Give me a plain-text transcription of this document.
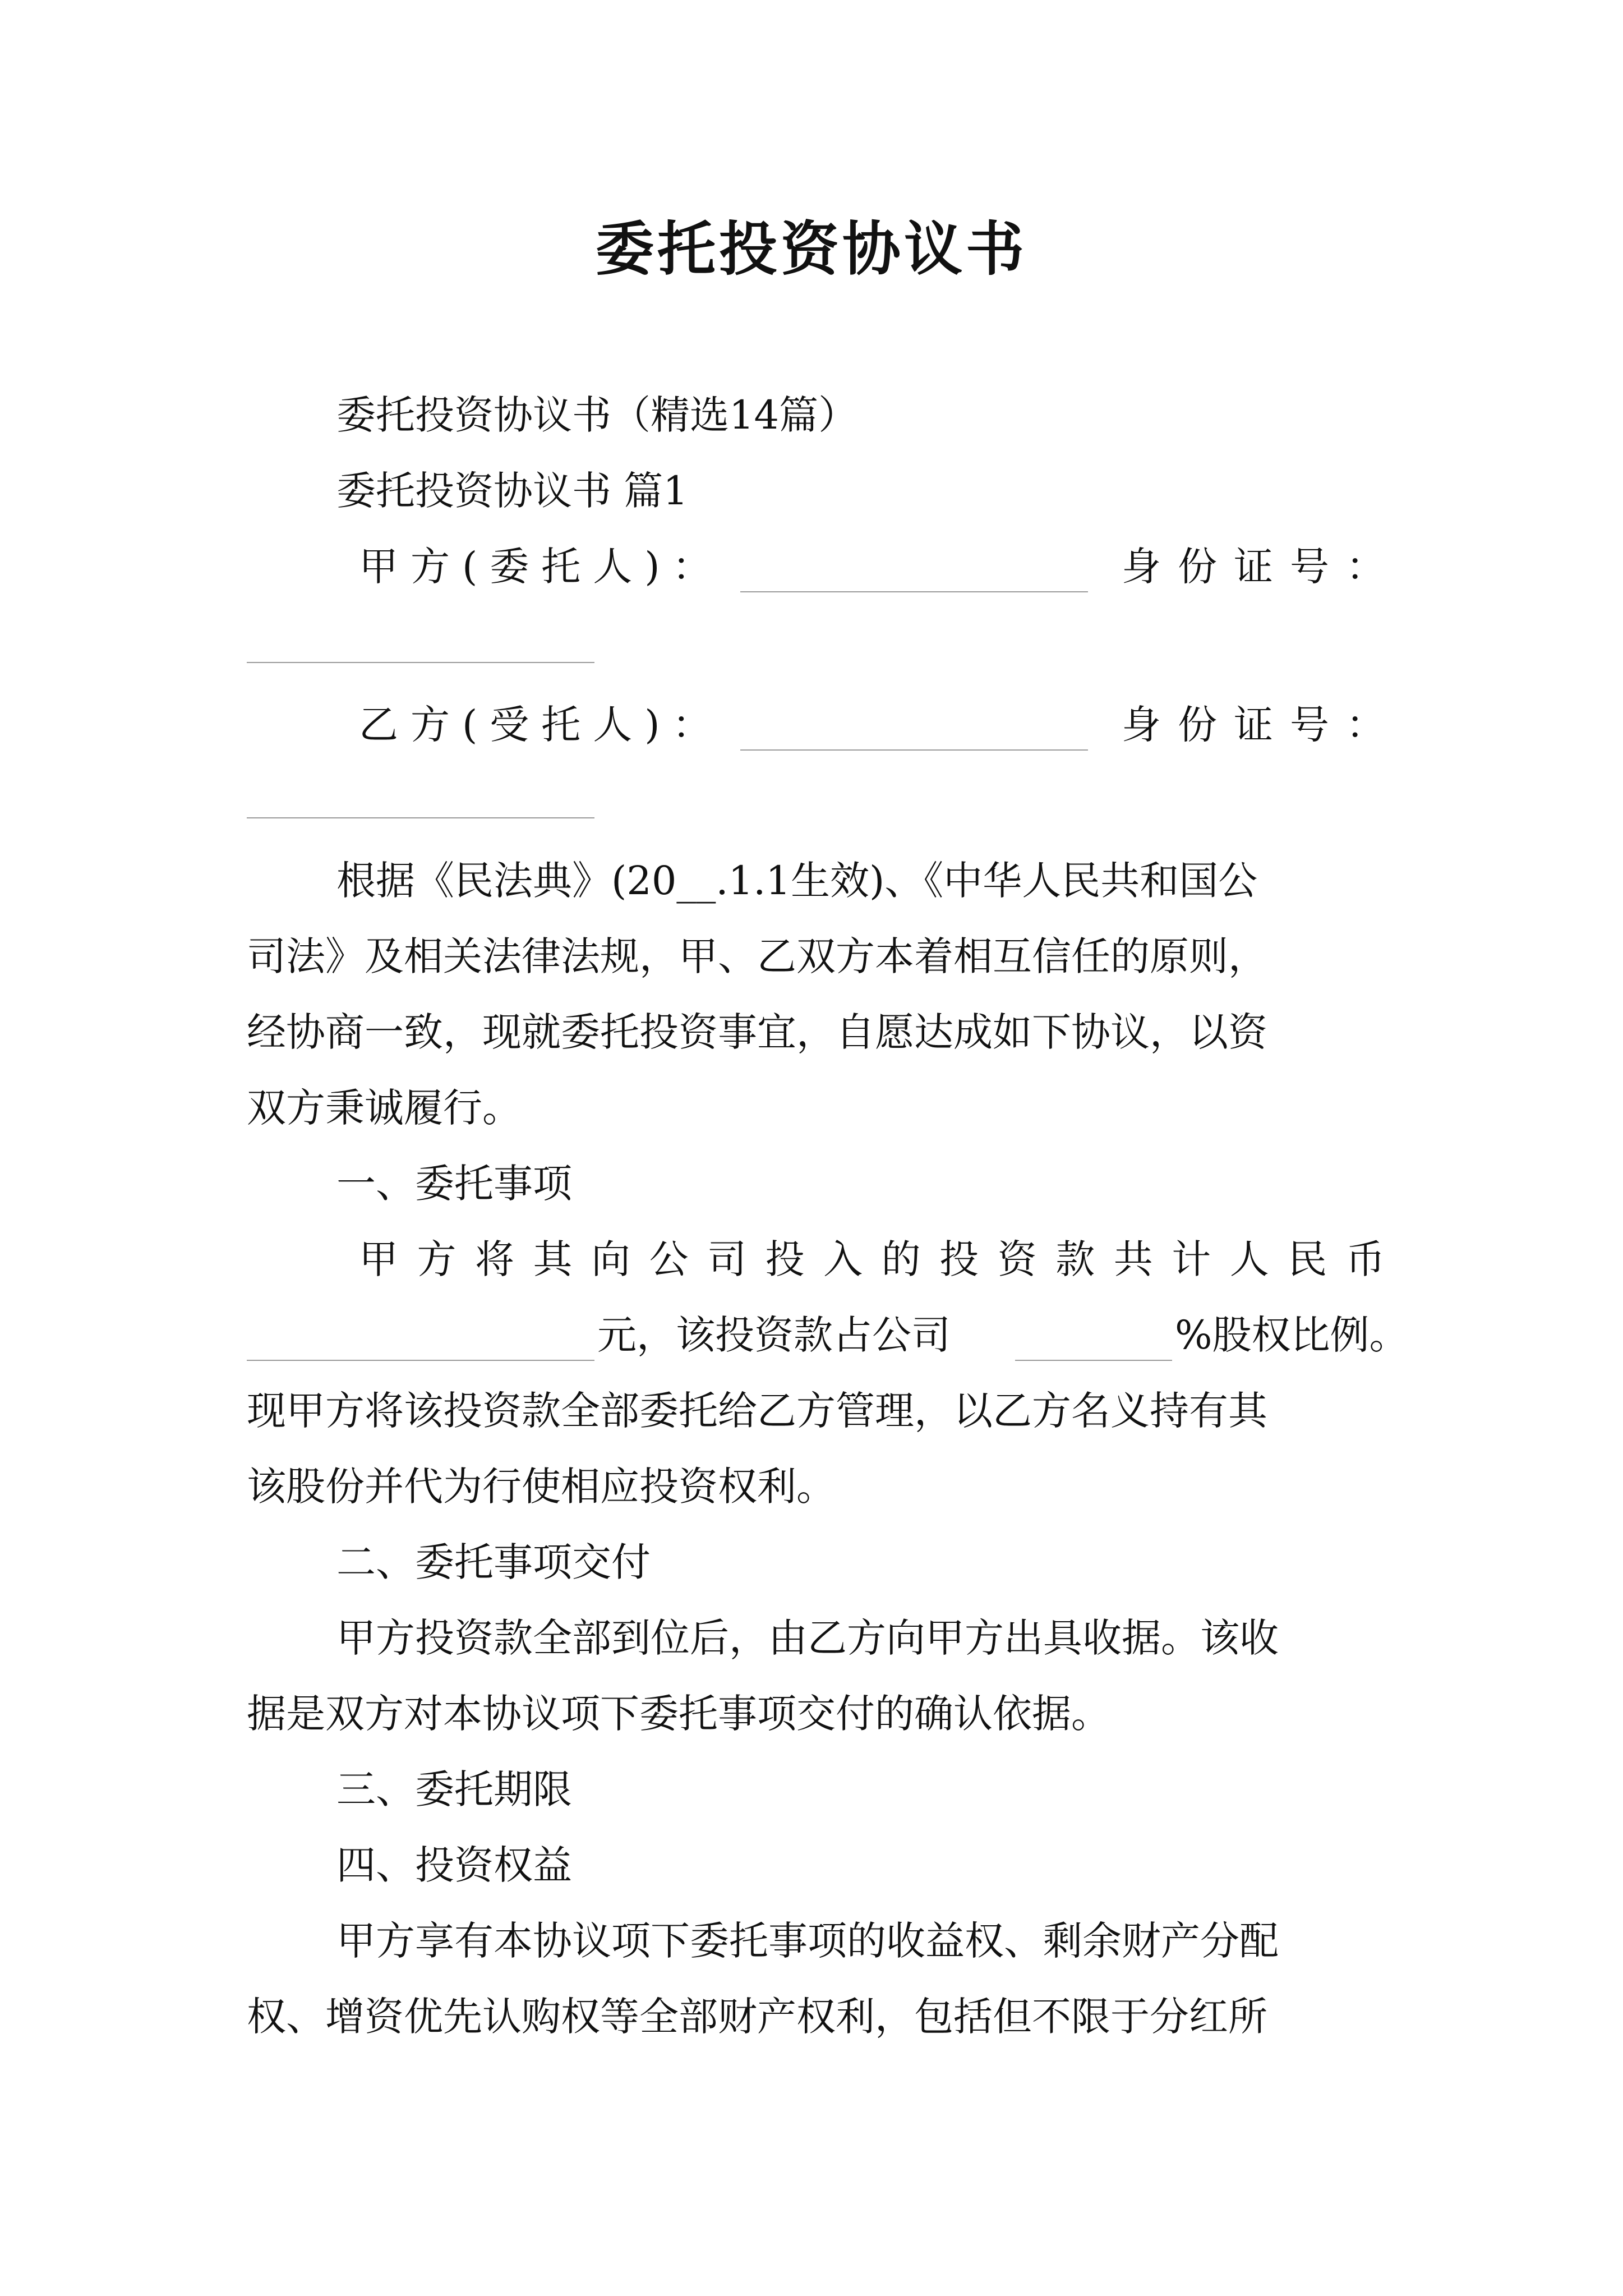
委托投资协议书
委托投资协议书（精选14篇）
委托投资协议书 篇1
甲方(委托人)：	身份证号：
乙方(受托人)：	身份证号：
根据《民法典》(20__.1.1生效)、《中华人民共和国公
司法》及相关法律法规，甲、乙双方本着相互信任的原则，
经协商一致，现就委托投资事宜，自愿达成如下协议，以资
双方秉诚履行。
一、委托事项
甲 方 将 其 向 公 司 投 入 的 投 资 款 共 计 人 民 币
元，该投资款占公司	%股权比例。
现甲方将该投资款全部委托给乙方管理，以乙方名义持有其
该股份并代为行使相应投资权利。
二、委托事项交付
甲方投资款全部到位后，由乙方向甲方出具收据。该收
据是双方对本协议项下委托事项交付的确认依据。
三、委托期限
四、投资权益
甲方享有本协议项下委托事项的收益权、剩余财产分配
权、增资优先认购权等全部财产权利，包括但不限于分红所
